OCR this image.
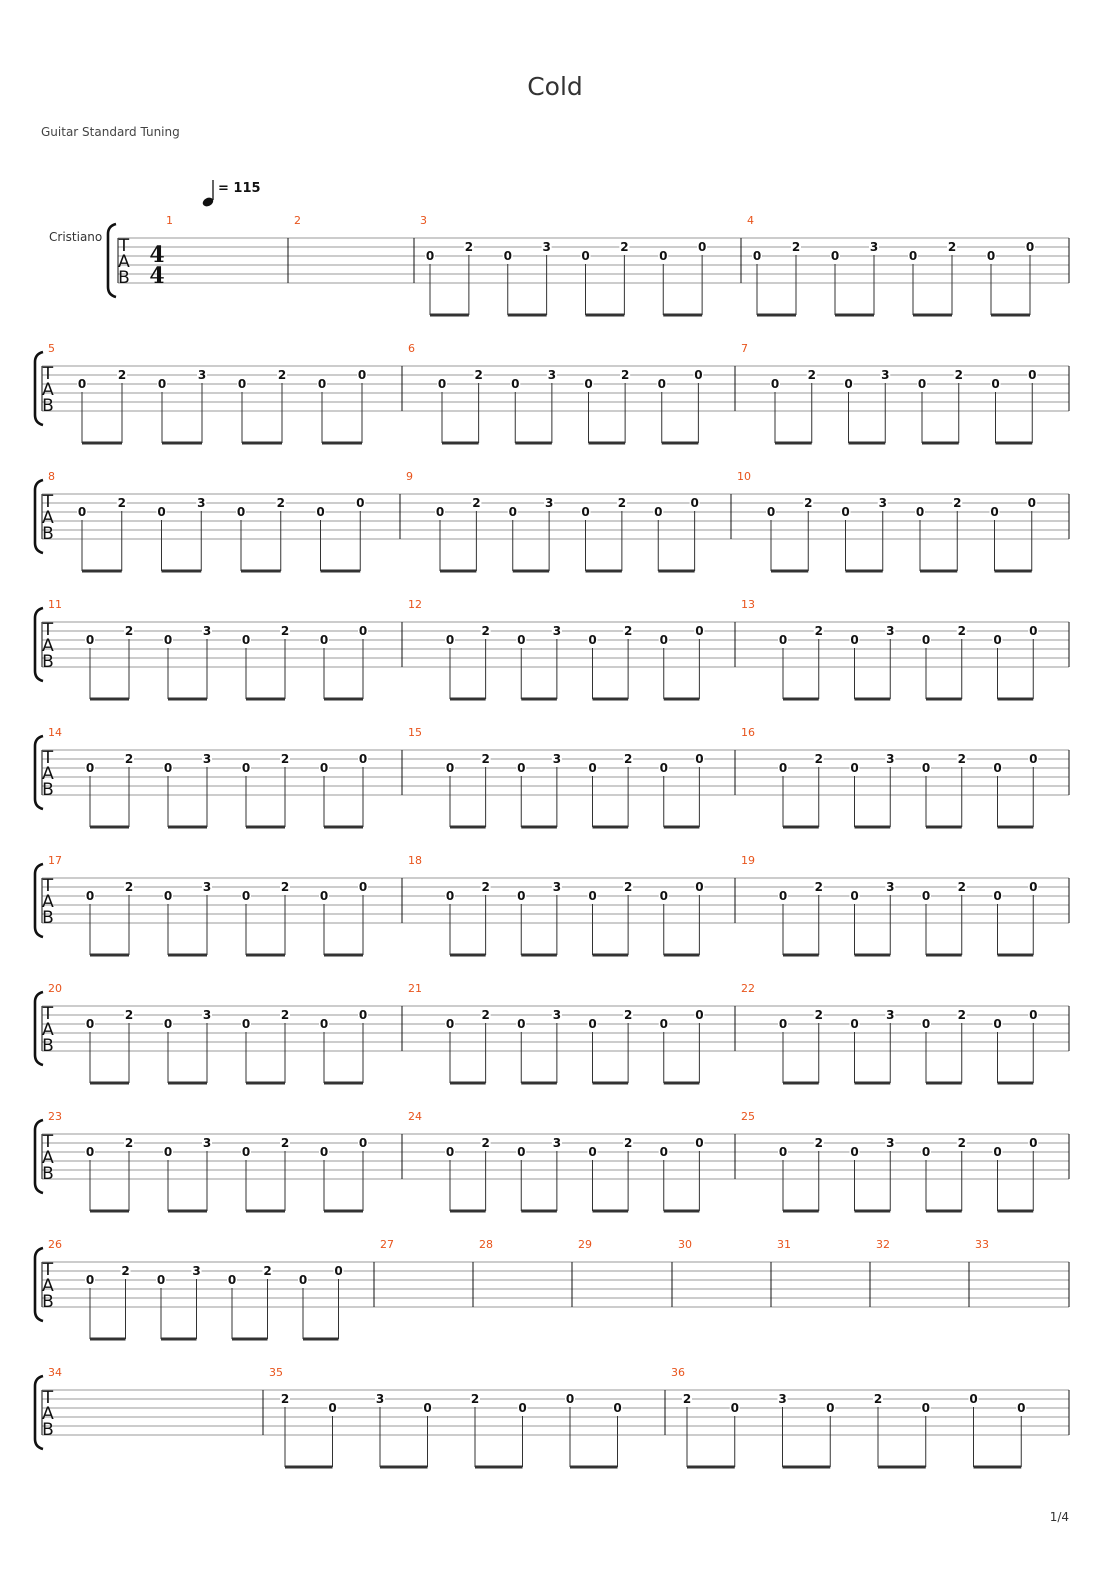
Cold
Guitar Standard Tuning
T
A
B
1	2	3
0
2
0
3
0
2
0
0
4
0
2
0
3
0
2
0
0
T
A
B
5
0
2
0
3
0
2
0
0
6
0
2
0
3
0
2
0
0
7
0
2
0
3
0
2
0
0
T
A
B
8
0
2
0
3
0
2
0
0
9
0
2
0
3
0
2
0
0
10
0
2
0
3
0
2
0
0
T
A
B
11
0
2
0
3
0
2
0
0
12
0
2
0
3
0
2
0
0
13
0
2
0
3
0
2
0
0
T
A
B
14
0
2
0
3
0
2
0
0
15
0
2
0
3
0
2
0
0
16
0
2
0
3
0
2
0
0
T
A
B
17
0
2
0
3
0
2
0
0
18
0
2
0
3
0
2
0
0
19
0
2
0
3
0
2
0
0
T
A
B
20
0
2
0
3
0
2
0
0
21
0
2
0
3
0
2
0
0
22
0
2
0
3
0
2
0
0
T
A
B
23
0
2
0
3
0
2
0
0
24
0
2
0
3
0
2
0
0
25
0
2
0
3
0
2
0
0
T
A
B
26
0
2
0
3
0
2
0
0
27	28	29	30	31	32	33
T
A
B
34	35
2
0
3
0
2
0
0
0
36
2
0
3
0
2
0
0
0
4
4
= 115
Cristiano
1/4
